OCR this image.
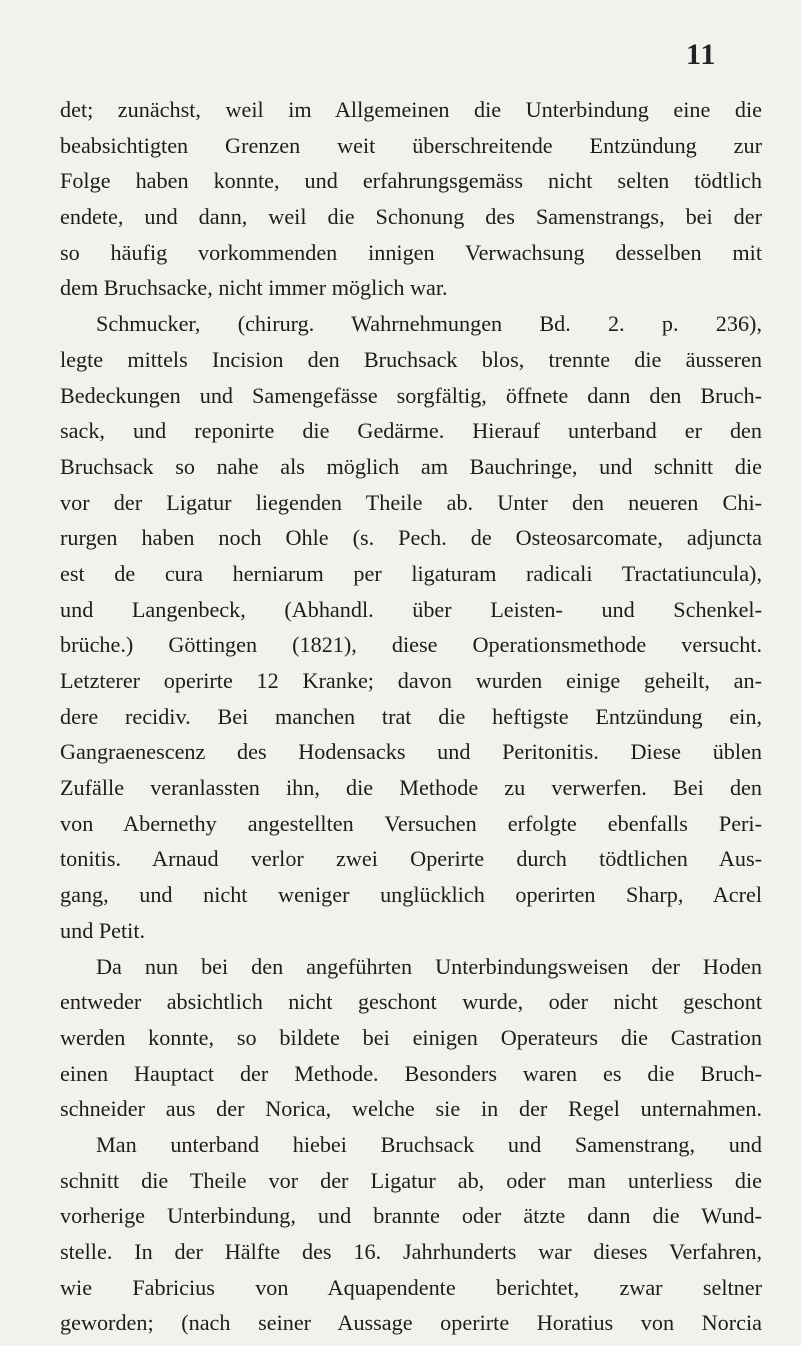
11
det; zunächst, weil im Allgemeinen die Unterbindung eine die
beabsichtigten Grenzen weit überschreitende Entzündung zur
Folge haben konnte, und erfahrungsgemäss nicht selten tödtlich
endete, und dann, weil die Schonung des Samenstrangs, bei der
so häufig vorkommenden innigen Verwachsung desselben mit
dem Bruchsacke, nicht immer möglich war.
Schmucker, (chirurg. Wahrnehmungen Bd. 2. p. 236),
legte mittels Incision den Bruchsack blos, trennte die äusseren
Bedeckungen und Samengefässe sorgfältig, öffnete dann den Bruch-
sack, und reponirte die Gedärme. Hierauf unterband er den
Bruchsack so nahe als möglich am Bauchringe, und schnitt die
vor der Ligatur liegenden Theile ab. Unter den neueren Chi-
rurgen haben noch Ohle (s. Pech. de Osteosarcomate, adjuncta
est de cura herniarum per ligaturam radicali Tractatiuncula),
und Langenbeck, (Abhandl. über Leisten- und Schenkel-
brüche.) Göttingen (1821), diese Operationsmethode versucht.
Letzterer operirte 12 Kranke; davon wurden einige geheilt, an-
dere recidiv. Bei manchen trat die heftigste Entzündung ein,
Gangraenescenz des Hodensacks und Peritonitis. Diese üblen
Zufälle veranlassten ihn, die Methode zu verwerfen. Bei den
von Abernethy angestellten Versuchen erfolgte ebenfalls Peri-
tonitis. Arnaud verlor zwei Operirte durch tödtlichen Aus-
gang, und nicht weniger unglücklich operirten Sharp, Acrel
und Petit.
Da nun bei den angeführten Unterbindungsweisen der Hoden
entweder absichtlich nicht geschont wurde, oder nicht geschont
werden konnte, so bildete bei einigen Operateurs die Castration
einen Hauptact der Methode. Besonders waren es die Bruch-
schneider aus der Norica, welche sie in der Regel unternahmen.
Man unterband hiebei Bruchsack und Samenstrang, und
schnitt die Theile vor der Ligatur ab, oder man unterliess die
vorherige Unterbindung, und brannte oder ätzte dann die Wund-
stelle. In der Hälfte des 16. Jahrhunderts war dieses Verfahren,
wie Fabricius von Aquapendente berichtet, zwar seltner
geworden; (nach seiner Aussage operirte Horatius von Norcia
